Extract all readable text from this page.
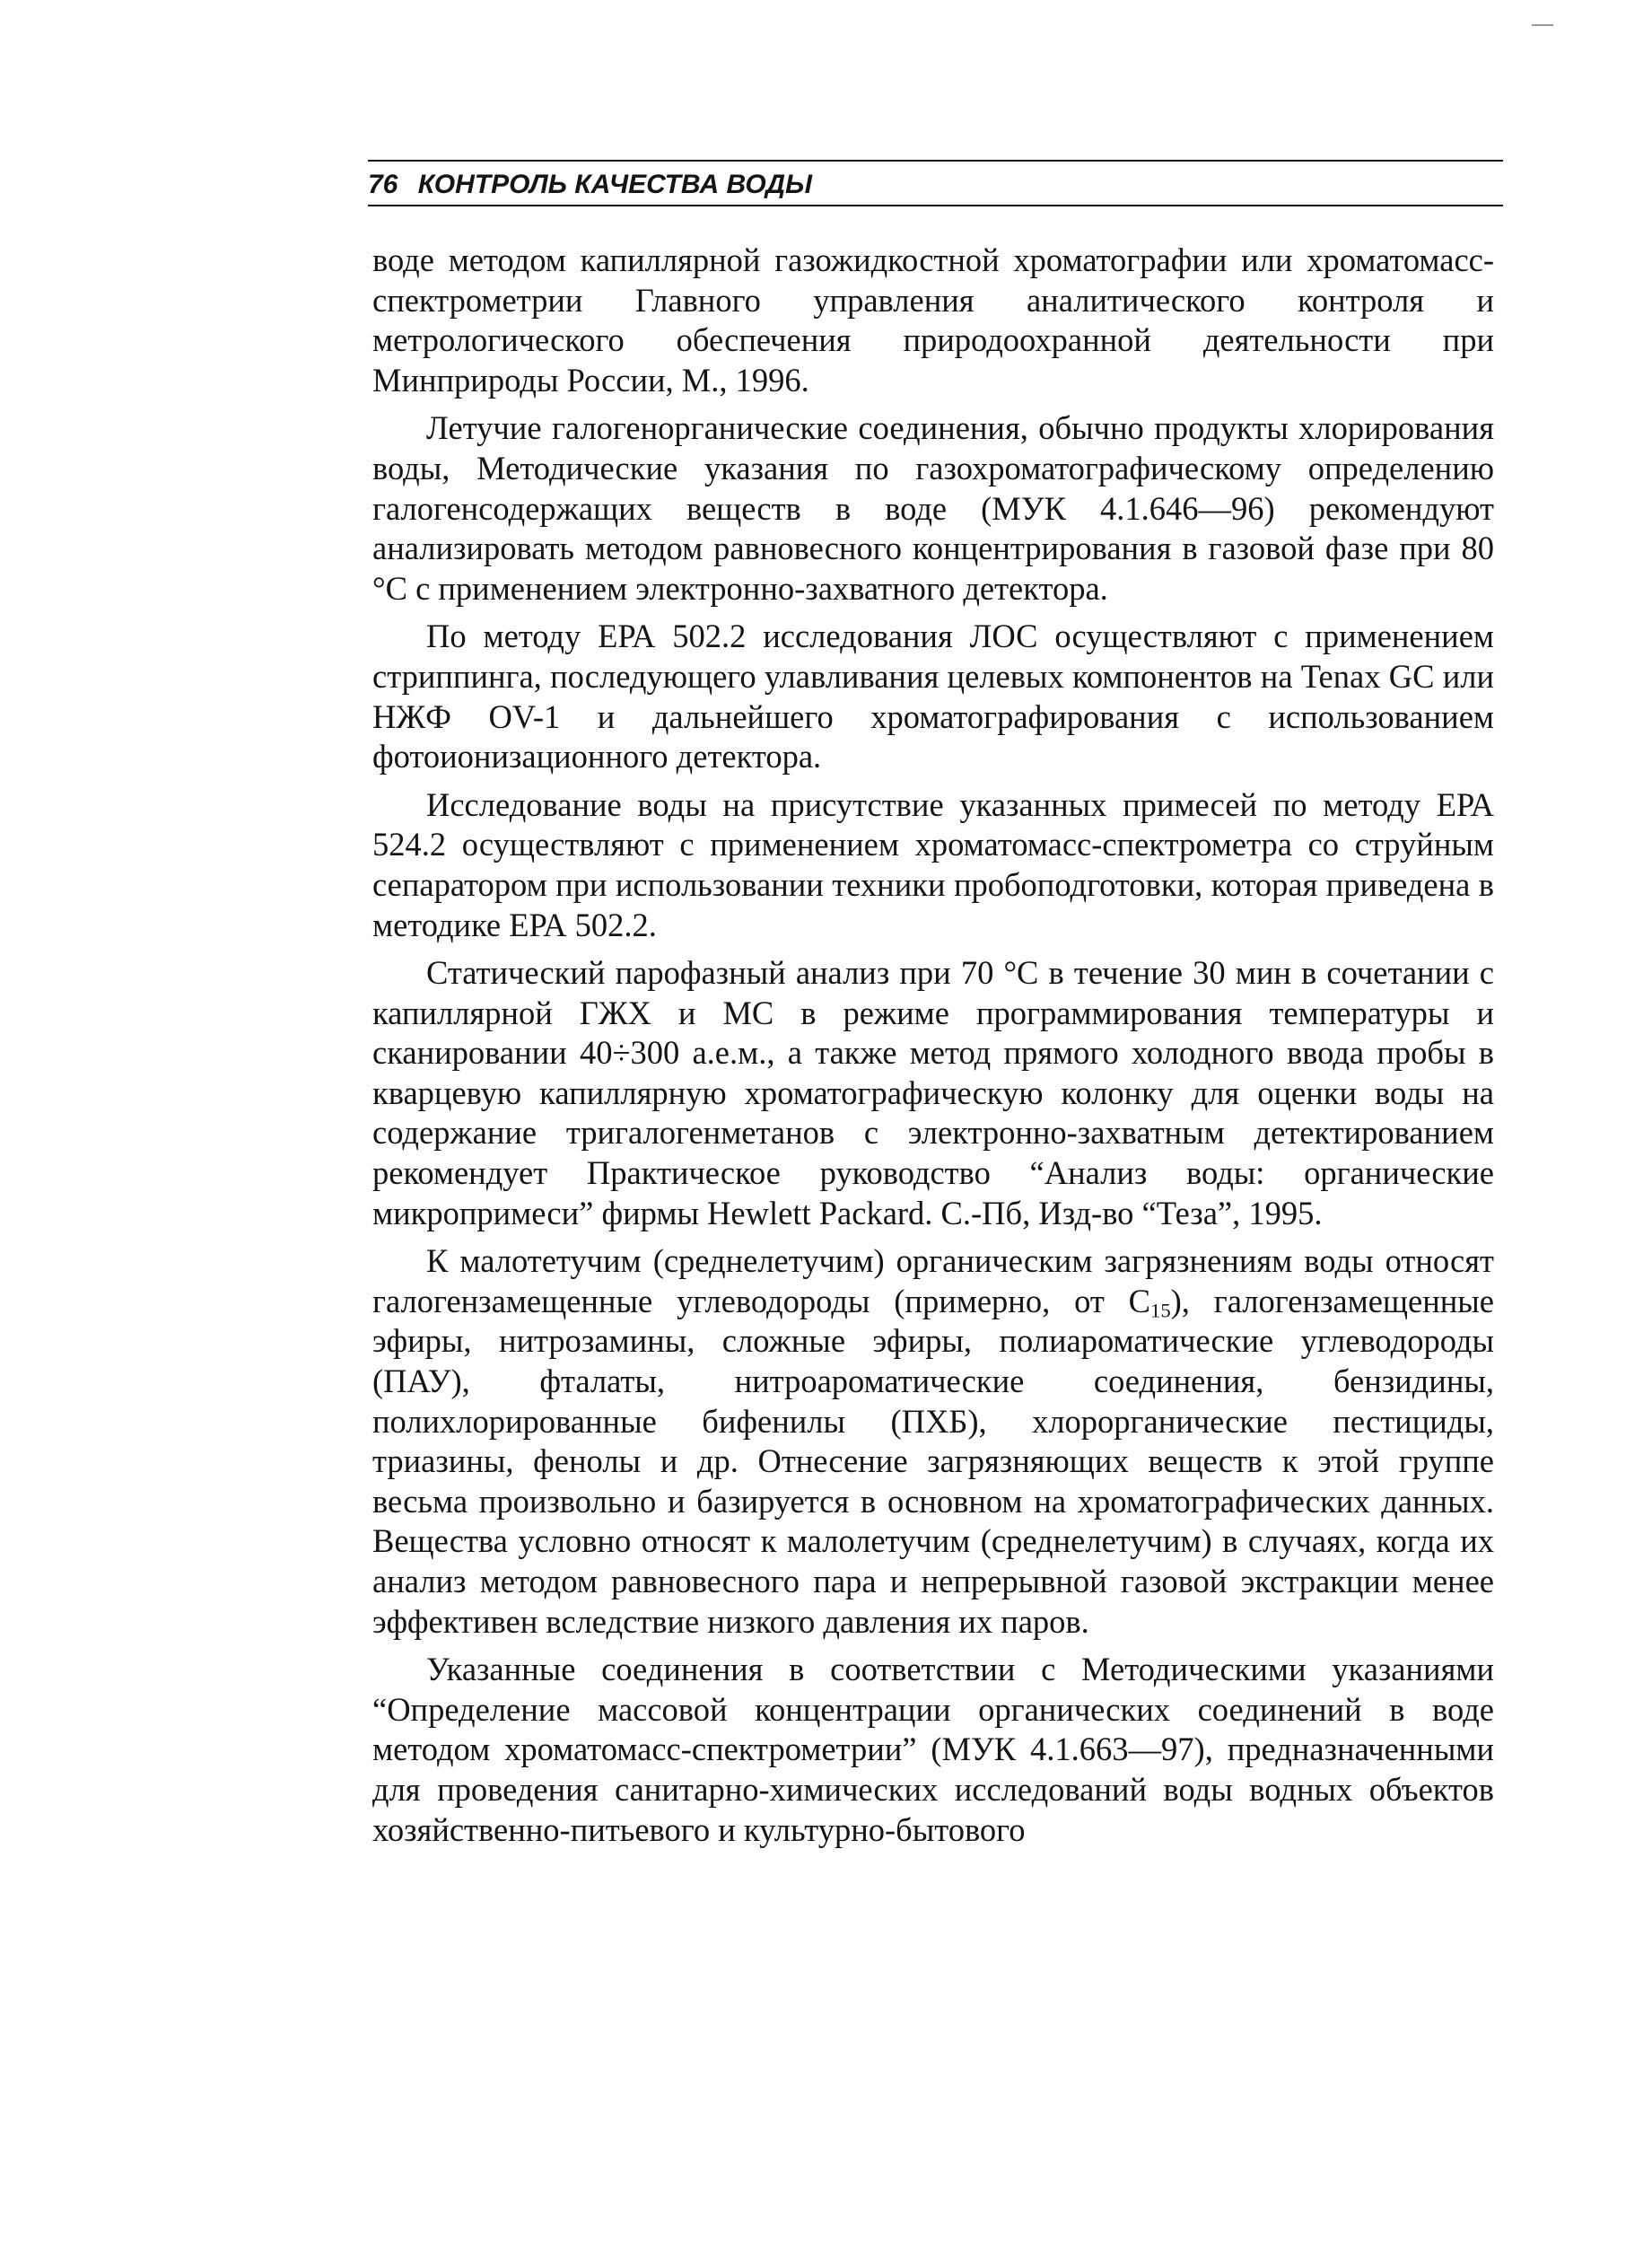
76 КОНТРОЛЬ КАЧЕСТВА ВОДЫ

воде методом капиллярной газожидкостной хроматографии или хроматомасс-спектрометрии Главного управления аналитического контроля и метрологического обеспечения природоохранной деятельности при Минприроды России, М., 1996.

Летучие галогенорганические соединения, обычно продукты хлорирования воды, Методические указания по газохроматографическому определению галогенсодержащих веществ в воде (МУК 4.1.646—96) рекомендуют анализировать методом равновесного концентрирования в газовой фазе при 80 °С с применением электронно-захватного детектора.

По методу ЕРА 502.2 исследования ЛОС осуществляют с применением стриппинга, последующего улавливания целевых компонентов на Tenax GC или НЖФ OV-1 и дальнейшего хроматографирования с использованием фотоионизационного детектора.

Исследование воды на присутствие указанных примесей по методу ЕРА 524.2 осуществляют с применением хроматомасс-спектрометра со струйным сепаратором при использовании техники пробоподготовки, которая приведена в методике ЕРА 502.2.

Статический парофазный анализ при 70 °С в течение 30 мин в сочетании с капиллярной ГЖХ и МС в режиме программирования температуры и сканировании 40÷300 а.е.м., а также метод прямого холодного ввода пробы в кварцевую капиллярную хроматографическую колонку для оценки воды на содержание тригалогенметанов с электронно-захватным детектированием рекомендует Практическое руководство “Анализ воды: органические микропримеси” фирмы Hewlett Packard. С.-Пб, Изд-во “Теза”, 1995.

К малотетучим (среднелетучим) органическим загрязнениям воды относят галогензамещенные углеводороды (примерно, от $C_{15}$), галогензамещенные эфиры, нитрозамины, сложные эфиры, полиароматические углеводороды (ПАУ), фталаты, нитроароматические соединения, бензидины, полихлорированные бифенилы (ПХБ), хлорорганические пестициды, триазины, фенолы и др. Отнесение загрязняющих веществ к этой группе весьма произвольно и базируется в основном на хроматографических данных. Вещества условно относят к малолетучим (среднелетучим) в случаях, когда их анализ методом равновесного пара и непрерывной газовой экстракции менее эффективен вследствие низкого давления их паров.

Указанные соединения в соответствии с Методическими указаниями “Определение массовой концентрации органических соединений в воде методом хроматомасс-спектрометрии” (МУК 4.1.663—97), предназначенными для проведения санитарно-химических исследований воды водных объектов хозяйственно-питьевого и культурно-бытового
